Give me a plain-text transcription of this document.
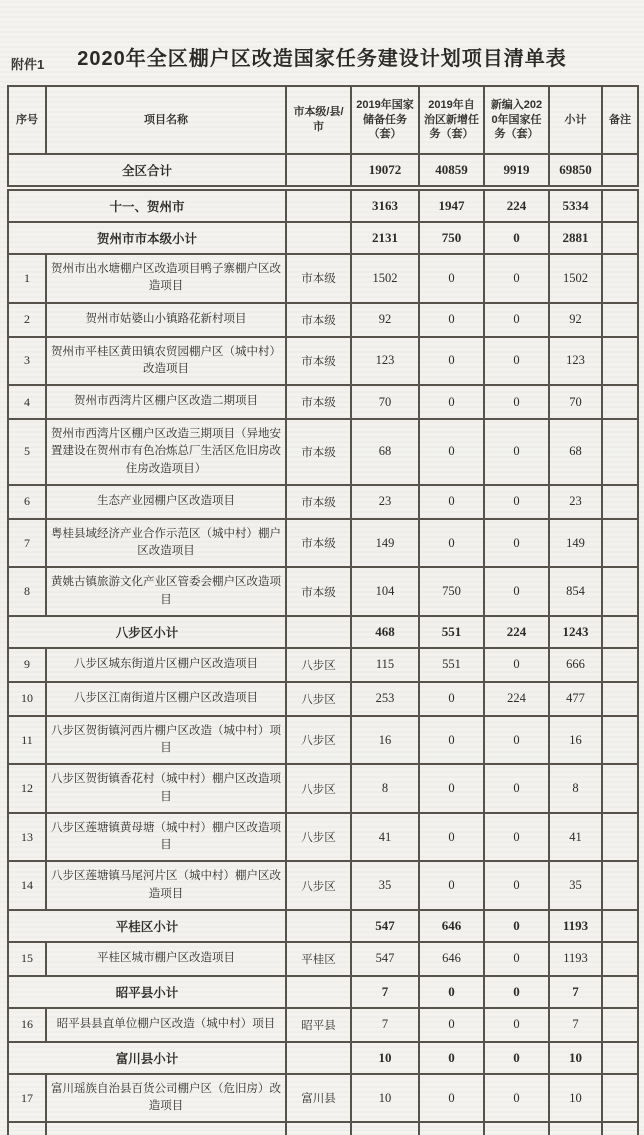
附件1	2020年全区棚户区改造国家任务建设计划项目清单表
序号	项目名称	市本级/县/市	2019年国家储备任务（套）	2019年自治区新增任务（套）	新编入2020年国家任务（套）	小计	备注
全区合计			19072	40859	9919	69850	
十一、贺州市			3163	1947	224	5334	
贺州市市本级小计			2131	750	0	2881	
1	贺州市出水塘棚户区改造项目鸭子寨棚户区改造项目	市本级	1502	0	0	1502	
2	贺州市姑婆山小镇路花新村项目	市本级	92	0	0	92	
3	贺州市平桂区黄田镇农贸园棚户区（城中村）改造项目	市本级	123	0	0	123	
4	贺州市西湾片区棚户区改造二期项目	市本级	70	0	0	70	
5	贺州市西湾片区棚户区改造三期项目（异地安置建设在贺州市有色冶炼总厂生活区危旧房改住房改造项目）	市本级	68	0	0	68	
6	生态产业园棚户区改造项目	市本级	23	0	0	23	
7	粤桂县域经济产业合作示范区（城中村）棚户区改造项目	市本级	149	0	0	149	
8	黄姚古镇旅游文化产业区管委会棚户区改造项目	市本级	104	750	0	854	
八步区小计			468	551	224	1243	
9	八步区城东街道片区棚户区改造项目	八步区	115	551	0	666	
10	八步区江南街道片区棚户区改造项目	八步区	253	0	224	477	
11	八步区贺街镇河西片棚户区改造（城中村）项目	八步区	16	0	0	16	
12	八步区贺街镇香花村（城中村）棚户区改造项目	八步区	8	0	0	8	
13	八步区莲塘镇黄母塘（城中村）棚户区改造项目	八步区	41	0	0	41	
14	八步区莲塘镇马尾河片区（城中村）棚户区改造项目	八步区	35	0	0	35	
平桂区小计			547	646	0	1193	
15	平桂区城市棚户区改造项目	平桂区	547	646	0	1193	
昭平县小计			7	0	0	7	
16	昭平县县直单位棚户区改造（城中村）项目	昭平县	7	0	0	7	
富川县小计			10	0	0	10	
17	富川瑶族自治县百货公司棚户区（危旧房）改造项目	富川县	10	0	0	10	
